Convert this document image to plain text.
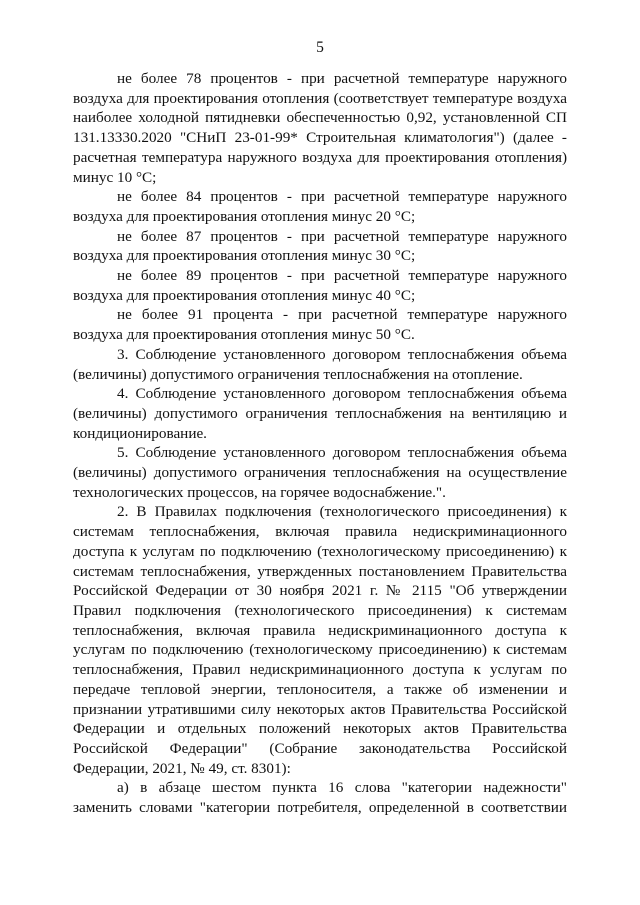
5

не более 78 процентов - при расчетной температуре наружного воздуха для проектирования отопления (соответствует температуре воздуха наиболее холодной пятидневки обеспеченностью 0,92, установленной СП 131.13330.2020 "СНиП 23-01-99* Строительная климатология") (далее - расчетная температура наружного воздуха для проектирования отопления) минус 10 °С;

не более 84 процентов - при расчетной температуре наружного воздуха для проектирования отопления минус 20 °С;

не более 87 процентов - при расчетной температуре наружного воздуха для проектирования отопления минус 30 °С;

не более 89 процентов - при расчетной температуре наружного воздуха для проектирования отопления минус 40 °С;

не более 91 процента - при расчетной температуре наружного воздуха для проектирования отопления минус 50 °С.

3. Соблюдение установленного договором теплоснабжения объема (величины) допустимого ограничения теплоснабжения на отопление.

4. Соблюдение установленного договором теплоснабжения объема (величины) допустимого ограничения теплоснабжения на вентиляцию и кондиционирование.

5. Соблюдение установленного договором теплоснабжения объема (величины) допустимого ограничения теплоснабжения на осуществление технологических процессов, на горячее водоснабжение.".

2. В Правилах подключения (технологического присоединения) к системам теплоснабжения, включая правила недискриминационного доступа к услугам по подключению (технологическому присоединению) к системам теплоснабжения, утвержденных постановлением Правительства Российской Федерации от 30 ноября 2021 г. № 2115 "Об утверждении Правил подключения (технологического присоединения) к системам теплоснабжения, включая правила недискриминационного доступа к услугам по подключению (технологическому присоединению) к системам теплоснабжения, Правил недискриминационного доступа к услугам по передаче тепловой энергии, теплоносителя, а также об изменении и признании утратившими силу некоторых актов Правительства Российской Федерации и отдельных положений некоторых актов Правительства Российской Федерации" (Собрание законодательства Российской Федерации, 2021, № 49, ст. 8301):

а) в абзаце шестом пункта 16 слова "категории надежности" заменить словами "категории потребителя, определенной в соответствии
